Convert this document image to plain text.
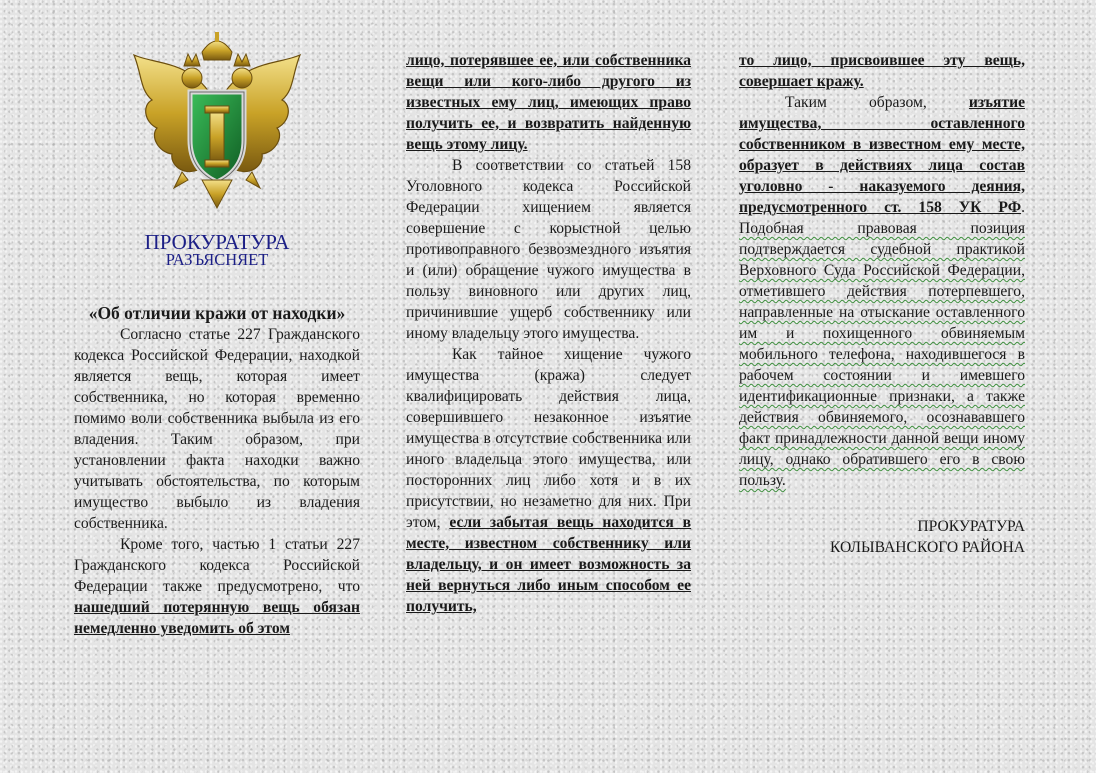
ПРОКУРАТУРА
РАЗЪЯСНЯЕТ
«Об отличии кражи от находки»

Согласно статье 227 Гражданского кодекса Российской Федерации, находкой является вещь, которая имеет собственника, но которая временно помимо воли собственника выбыла из его владения. Таким образом, при установлении факта находки важно учитывать обстоятельства, по которым имущество выбыло из владения собственника.

Кроме того, частью 1 статьи 227 Гражданского кодекса Российской Федерации также предусмотрено, что нашедший потерянную вещь обязан немедленно уведомить об этом

лицо, потерявшее ее, или собственника вещи или кого-либо другого из известных ему лиц, имеющих право получить ее, и возвратить найденную вещь этому лицу.

В соответствии со статьей 158 Уголовного кодекса Российской Федерации хищением является совершение с корыстной целью противоправного безвозмездного изъятия и (или) обращение чужого имущества в пользу виновного или других лиц, причинившие ущерб собственнику или иному владельцу этого имущества.

Как тайное хищение чужого имущества (кража) следует квалифицировать действия лица, совершившего незаконное изъятие имущества в отсутствие собственника или иного владельца этого имущества, или посторонних лиц либо хотя и в их присутствии, но незаметно для них. При этом, если забытая вещь находится в месте, известном собственнику или владельцу, и он имеет возможность за ней вернуться либо иным способом ее получить,

то лицо, присвоившее эту вещь, совершает кражу.

Таким образом, изъятие имущества, оставленного собственником в известном ему месте, образует в действиях лица состав уголовно - наказуемого деяния, предусмотренного ст. 158 УК РФ. Подобная правовая позиция подтверждается судебной практикой Верховного Суда Российской Федерации, отметившего действия потерпевшего, направленные на отыскание оставленного им и похищенного обвиняемым мобильного телефона, находившегося в рабочем состоянии и имевшего идентификационные признаки, а также действия обвиняемого, осознававшего факт принадлежности данной вещи иному лицу, однако обратившего его в свою пользу.

ПРОКУРАТУРА
КОЛЫВАНСКОГО РАЙОНА
